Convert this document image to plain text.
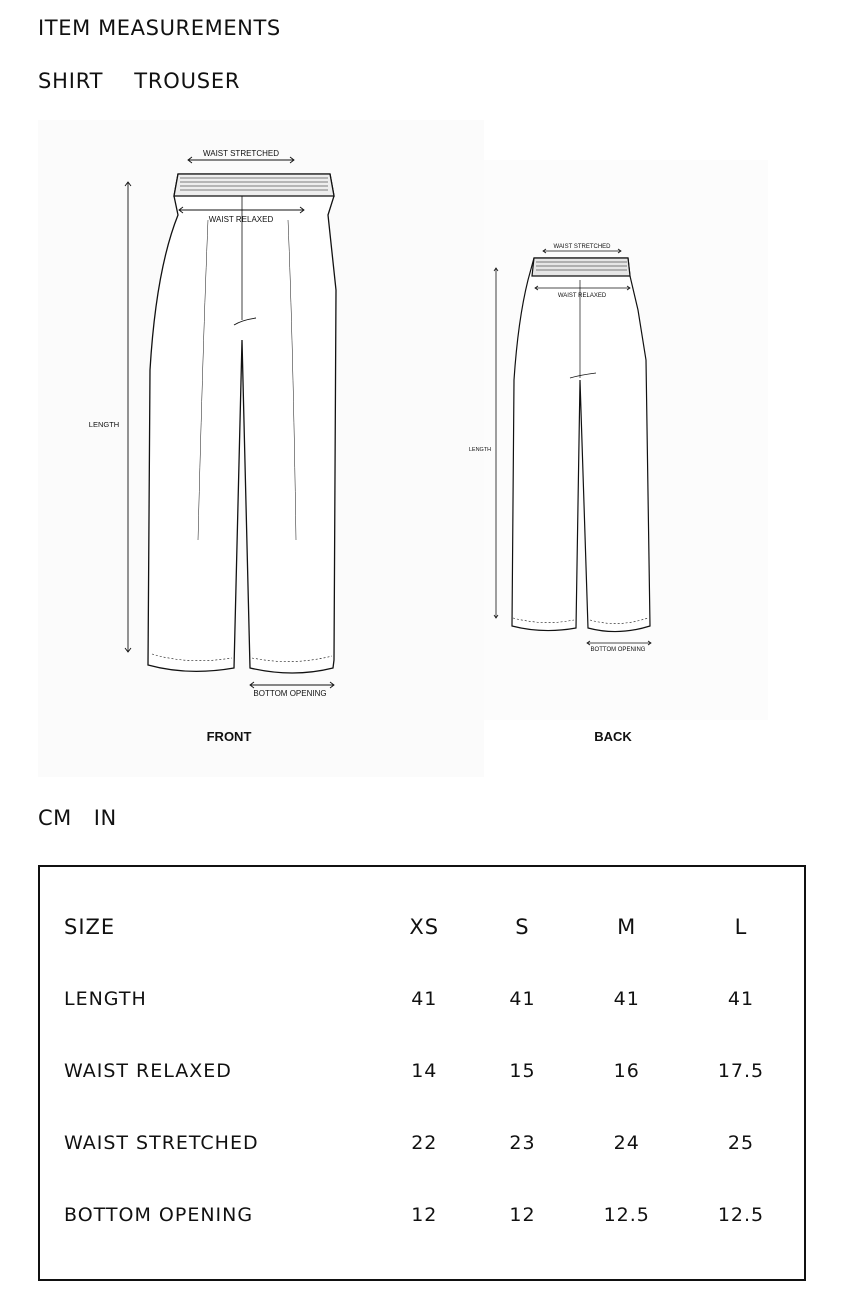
ITEM MEASUREMENTS
SHIRT TROUSER
WAIST STRETCHED
WAIST RELAXED
LENGTH
BOTTOM OPENING
FRONT
WAIST STRETCHED
WAIST RELAXED
LENGTH
BOTTOM OPENING
BACK
CM IN
SIZE	XS	S	M	L
LENGTH	41	41	41	41
WAIST RELAXED	14	15	16	17.5
WAIST STRETCHED	22	23	24	25
BOTTOM OPENING	12	12	12.5	12.5
